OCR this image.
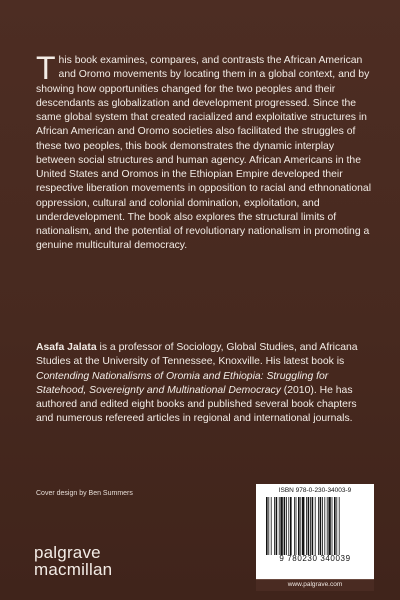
This book examines, compares, and contrasts the African American and Oromo movements by locating them in a global context, and by showing how opportunities changed for the two peoples and their descendants as globalization and development progressed. Since the same global system that created racialized and exploitative structures in African American and Oromo societies also facilitated the struggles of these two peoples, this book demonstrates the dynamic interplay between social structures and human agency. African Americans in the United States and Oromos in the Ethiopian Empire developed their respective liberation movements in opposition to racial and ethnonational oppression, cultural and colonial domination, exploitation, and underdevelopment. The book also explores the structural limits of nationalism, and the potential of revolutionary nationalism in promoting a genuine multicultural democracy.

Asafa Jalata is a professor of Sociology, Global Studies, and Africana Studies at the University of Tennessee, Knoxville. His latest book is Contending Nationalisms of Oromia and Ethiopia: Struggling for Statehood, Sovereignty and Multinational Democracy (2010). He has authored and edited eight books and published several book chapters and numerous refereed articles in regional and international journals.

Cover design by Ben Summers
palgrave
macmillan
ISBN 978-0-230-34003-9
9 780230 340039
www.palgrave.com
